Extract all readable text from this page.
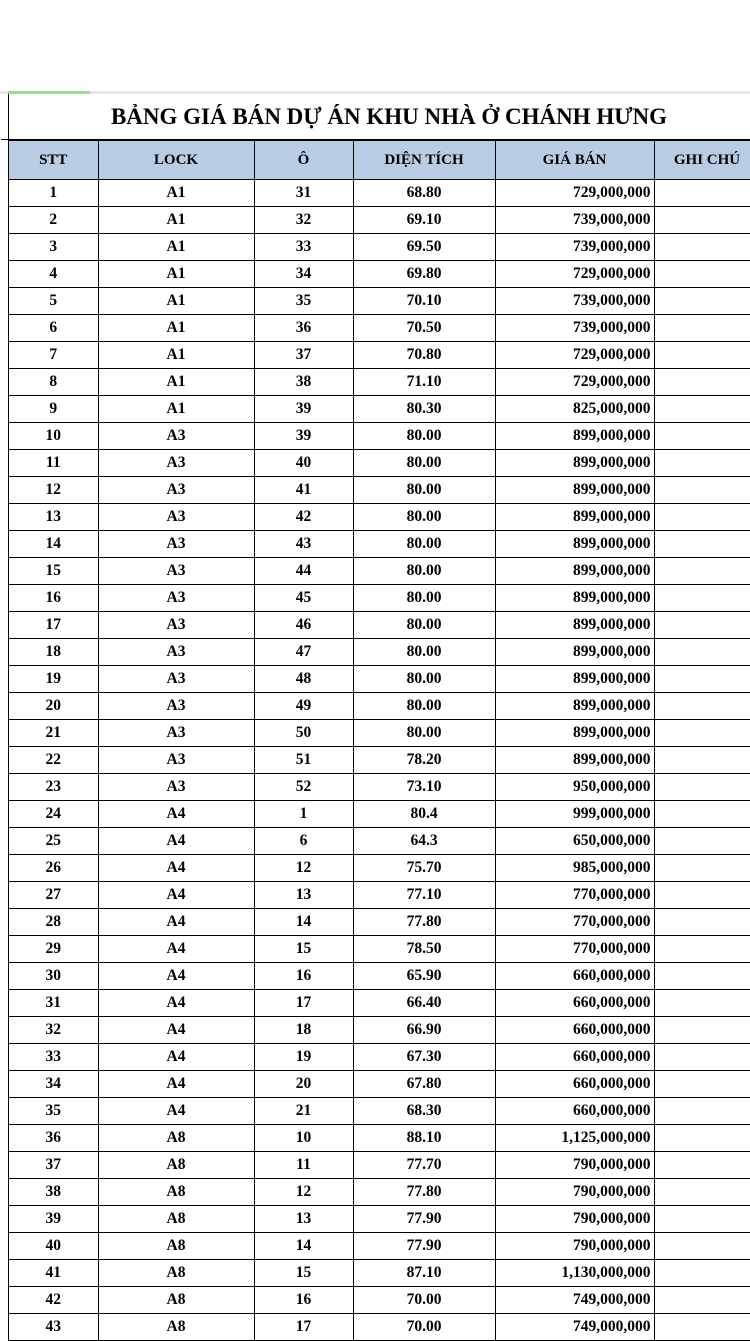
BẢNG GIÁ BÁN DỰ ÁN KHU NHÀ Ở CHÁNH HƯNG
STT	LOCK	Ô	DIỆN TÍCH	GIÁ BÁN	GHI CHÚ
1	A1	31	68.80	729,000,000	
2	A1	32	69.10	739,000,000	
3	A1	33	69.50	739,000,000	
4	A1	34	69.80	729,000,000	
5	A1	35	70.10	739,000,000	
6	A1	36	70.50	739,000,000	
7	A1	37	70.80	729,000,000	
8	A1	38	71.10	729,000,000	
9	A1	39	80.30	825,000,000	
10	A3	39	80.00	899,000,000	
11	A3	40	80.00	899,000,000	
12	A3	41	80.00	899,000,000	
13	A3	42	80.00	899,000,000	
14	A3	43	80.00	899,000,000	
15	A3	44	80.00	899,000,000	
16	A3	45	80.00	899,000,000	
17	A3	46	80.00	899,000,000	
18	A3	47	80.00	899,000,000	
19	A3	48	80.00	899,000,000	
20	A3	49	80.00	899,000,000	
21	A3	50	80.00	899,000,000	
22	A3	51	78.20	899,000,000	
23	A3	52	73.10	950,000,000	
24	A4	1	80.4	999,000,000	
25	A4	6	64.3	650,000,000	
26	A4	12	75.70	985,000,000	
27	A4	13	77.10	770,000,000	
28	A4	14	77.80	770,000,000	
29	A4	15	78.50	770,000,000	
30	A4	16	65.90	660,000,000	
31	A4	17	66.40	660,000,000	
32	A4	18	66.90	660,000,000	
33	A4	19	67.30	660,000,000	
34	A4	20	67.80	660,000,000	
35	A4	21	68.30	660,000,000	
36	A8	10	88.10	1,125,000,000	
37	A8	11	77.70	790,000,000	
38	A8	12	77.80	790,000,000	
39	A8	13	77.90	790,000,000	
40	A8	14	77.90	790,000,000	
41	A8	15	87.10	1,130,000,000	
42	A8	16	70.00	749,000,000	
43	A8	17	70.00	749,000,000	
